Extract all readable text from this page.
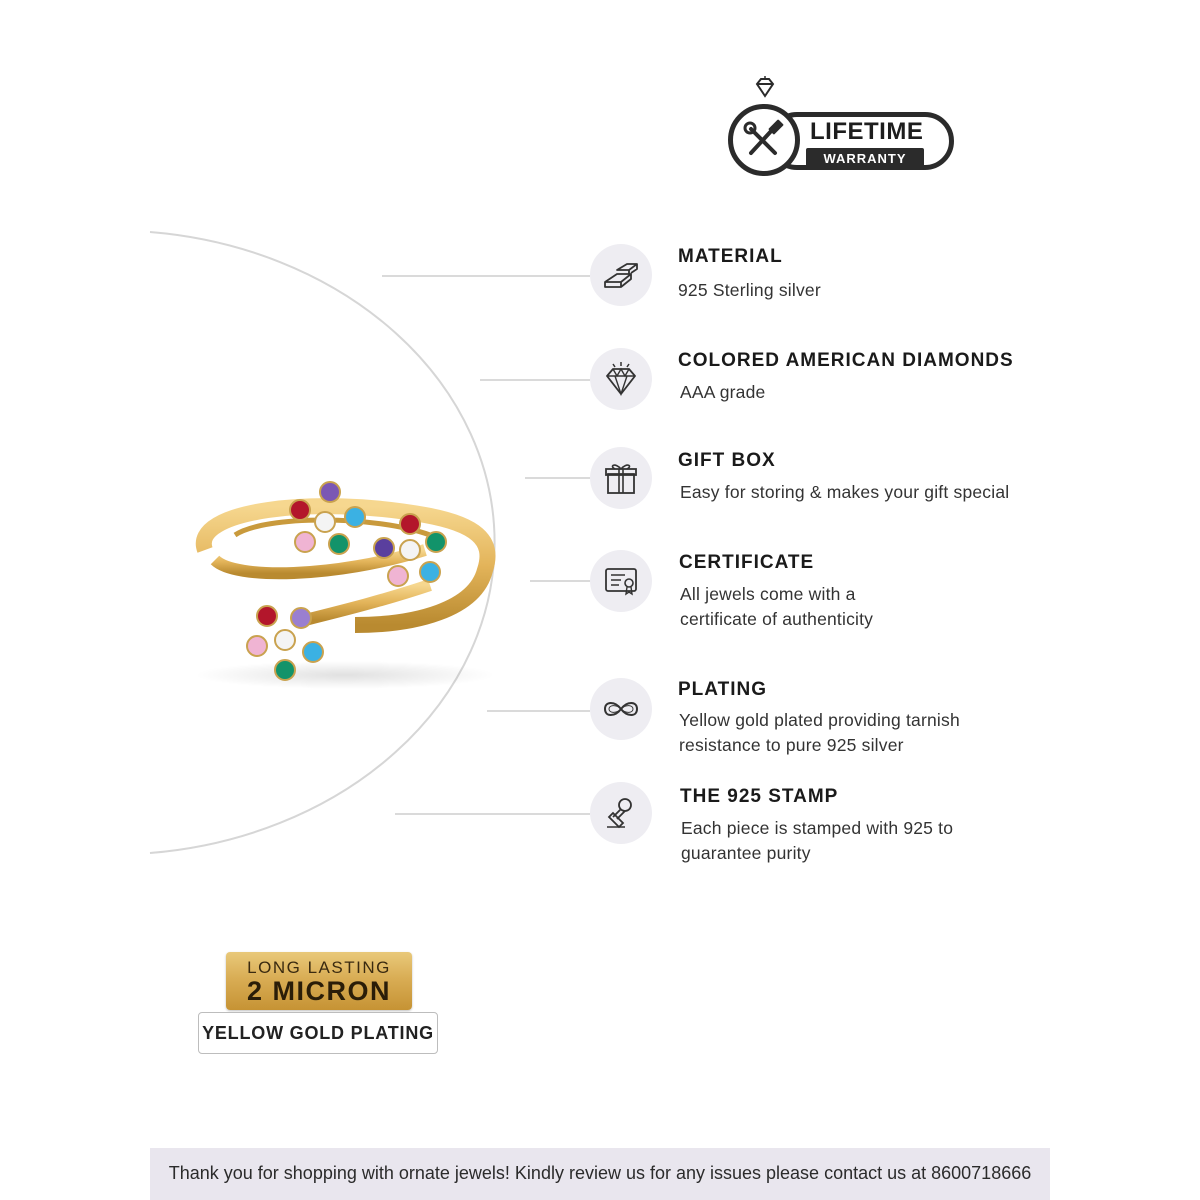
LIFETIME
WARRANTY
MATERIAL
925 Sterling silver
COLORED AMERICAN DIAMONDS
AAA grade
GIFT BOX
Easy for storing & makes your gift special
CERTIFICATE
All jewels come with a certificate of authenticity
PLATING
Yellow gold plated providing tarnish resistance to pure 925 silver
THE 925 STAMP
Each piece is stamped with 925 to guarantee purity
LONG LASTING
2 MICRON
YELLOW GOLD PLATING
Thank you for shopping with ornate jewels! Kindly review us for any issues please contact us at 8600718666
